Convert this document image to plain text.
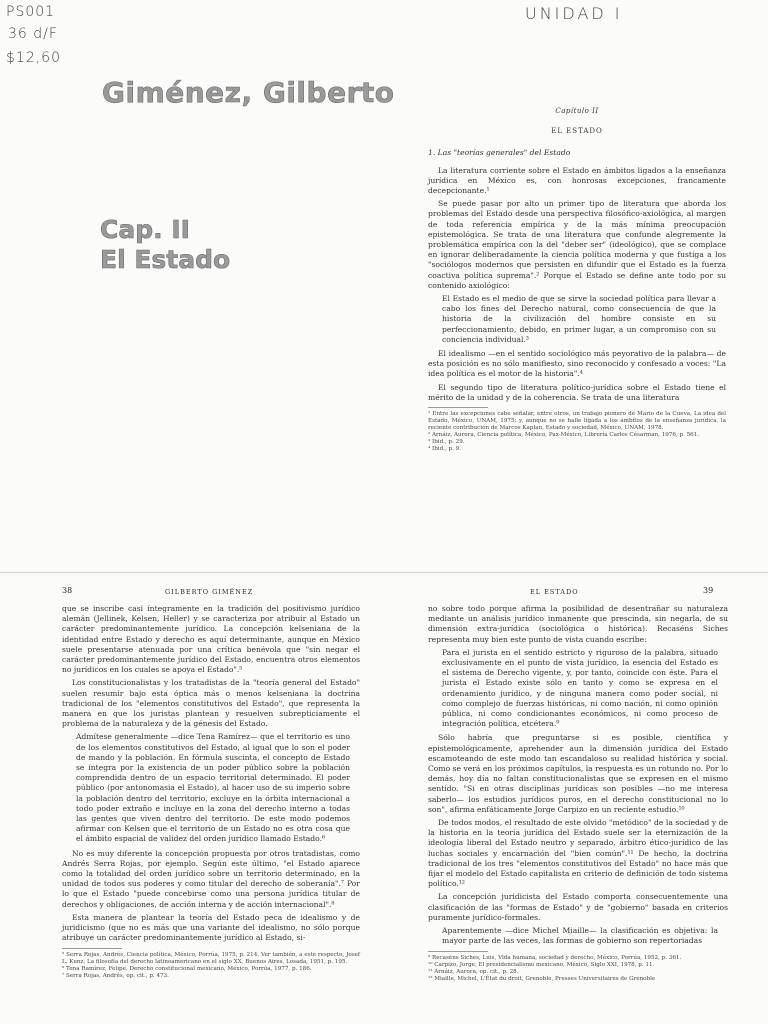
PS001
36 d/F
$12,60
UNIDAD I
Giménez, Gilberto
Cap. II
El Estado
Capítulo II
EL ESTADO

1. Las "teorías generales" del Estado

La literatura corriente sobre el Estado en ámbitos ligados a la enseñanza jurídica en México es, con honrosas excepciones, francamente decepcionante.¹

Se puede pasar por alto un primer tipo de literatura que aborda los problemas del Estado desde una perspectiva filosófico-axiológica, al margen de toda referencia empírica y de la más mínima preocupación epistemológica. Se trata de una literatura que confunde alegremente la problemática empírica con la del "deber ser" (ideológico), que se complace en ignorar deliberadamente la ciencia política moderna y que fustiga a los "sociólogos modernos que persisten en difundir que el Estado es la fuerza coactiva política suprema".² Porque el Estado se define ante todo por su contenido axiológico:

El Estado es el medio de que se sirve la sociedad política para llevar a cabo los fines del Derecho natural, como consecuencia de que la historia de la civilización del hombre consiste en su perfeccionamiento, debido, en primer lugar, a un compromiso con su conciencia individual.³

El idealismo —en el sentido sociológico más peyorativo de la palabra— de esta posición es no sólo manifiesto, sino reconocido y confesado a voces: "La idea política es el motor de la historia".⁴

El segundo tipo de literatura político-jurídica sobre el Estado tiene el mérito de la unidad y de la coherencia. Se trata de una literatura

¹ Entre las excepciones cabe señalar, entre otros, un trabajo pionero de Mario de la Cueva, La idea del Estado, México, UNAM, 1975; y, aunque no se halle ligada a los ámbitos de la enseñanza jurídica, la reciente contribución de Marcos Kaplan, Estado y sociedad, México, UNAM, 1978.

² Arnáiz, Aurora, Ciencia política, México, Pax-México, Librería Carlos Césarman, 1976, p. 561.

³ Ibid., p. 29.

⁴ Ibid., p. 9.

38	GILBERTO GIMÉNEZ

que se inscribe casi íntegramente en la tradición del positivismo jurídico alemán (Jellinek, Kelsen, Heller) y se caracteriza por atribuir al Estado un carácter predominantemente jurídico. La concepción kelseniana de la identidad entre Estado y derecho es aquí determinante, aunque en México suele presentarse atenuada por una crítica benévola que "sin negar el carácter predominantemente jurídico del Estado, encuentra otros elementos no jurídicos en los cuales se apoya el Estado".⁵

Los constitucionalistas y los tratadistas de la "teoría general del Estado" suelen resumir bajo esta óptica más o menos kelseniana la doctrina tradicional de los "elementos constitutivos del Estado", que representa la manera en que los juristas plantean y resuelven subrepticiamente el problema de la naturaleza y de la génesis del Estado.

Admítese generalmente —dice Tena Ramírez— que el territorio es uno de los elementos constitutivos del Estado, al igual que lo son el poder de mando y la población. En fórmula suscinta, el concepto de Estado se integra por la existencia de un poder público sobre la población comprendida dentro de un espacio territorial determinado. El poder público (por antonomasia el Estado), al hacer uso de su imperio sobre la población dentro del territorio, excluye en la órbita internacional a todo poder extraño e incluye en la zona del derecho interno a todas las gentes que viven dentro del territorio. De este modo podemos afirmar con Kelsen que el territorio de un Estado no es otra cosa que el ámbito espacial de validez del orden jurídico llamado Estado.⁶

No es muy diferente la concepción propuesta por otros tratadistas, como Andrés Serra Rojas, por ejemplo. Según este último, "el Estado aparece como la totalidad del orden jurídico sobre un territorio determinado, en la unidad de todos sus poderes y como titular del derecho de soberanía".⁷ Por lo que el Estado "puede concebirse como una persona jurídica titular de derechos y obligaciones, de acción interna y de acción internacional".⁸

Esta manera de plantear la teoría del Estado peca de idealismo y de juridicismo (que no es más que una variante del idealismo, no sólo porque atribuye un carácter predominantemente jurídico al Estado, si-

⁵ Serra Rojas, Andrés, Ciencia política, México, Porrúa, 1975, p. 214. Ver también, a este respecto, Josef L. Kunz, La filosofía del derecho latinoamericano en el siglo XX, Buenos Aires, Losada, 1951, p. 195.

⁶ Tena Ramírez, Felipe, Derecho constitucional mexicano, México, Porrúa, 1977, p. 186.

⁷ Serra Rojas, Andrés, op. cit., p. 473.

EL ESTADO	39

no sobre todo porque afirma la posibilidad de desentrañar su naturaleza mediante un análisis jurídico inmanente que prescinda, sin negarla, de su dimensión extra-jurídica (sociológica o histórica). Recaséns Siches representa muy bien este punto de vista cuando escribe:

Para el jurista en el sentido estricto y riguroso de la palabra, situado exclusivamente en el punto de vista jurídico, la esencia del Estado es el sistema de Derecho vigente, y, por tanto, coincide con éste. Para el jurista el Estado existe sólo en tanto y como se expresa en el ordenamiento jurídico, y de ninguna manera como poder social, ni como complejo de fuerzas históricas, ni como nación, ni como opinión pública, ni como condicionantes económicos, ni como proceso de integración política, etcétera.⁹

Sólo habría que preguntarse si es posible, científica y epistemológicamente, aprehender aun la dimensión jurídica del Estado escamoteando de este modo tan escandaloso su realidad histórica y social. Como se verá en los próximos capítulos, la respuesta es un rotundo no. Por lo demás, hoy día no faltan constitucionalistas que se expresen en el mismo sentido. "Si en otras disciplinas jurídicas son posibles —no me interesa saberlo— los estudios jurídicos puros, en el derecho constitucional no lo son", afirma enfáticamente Jorge Carpizo en un reciente estudio.¹⁰

De todos modos, el resultado de este olvido "metódico" de la sociedad y de la historia en la teoría jurídica del Estado suele ser la eternización de la ideología liberal del Estado neutro y separado, árbitro ético-jurídico de las luchas sociales y encarnación del "bien común".¹¹ De hecho, la doctrina tradicional de los tres "elementos constitutivos del Estado" no hace más que fijar el modelo del Estado capitalista en criterio de definición de todo sistema político.¹²

La concepción juridicista del Estado comporta consecuentemente una clasificación de las "formas de Estado" y de "gobierno" basada en criterios puramente jurídico-formales.

Aparentemente —dice Michel Miaille— la clasificación es objetiva: la mayor parte de las veces, las formas de gobierno son repertoriadas

⁹ Recaséns Siches, Luis, Vida humana, sociedad y derecho, México, Porrúa, 1952, p. 361.

¹⁰ Carpizo, Jorge, El presidencialismo mexicano, México, Siglo XXI, 1978, p. 11.

¹¹ Arnáiz, Aurora, op. cit., p. 28.

¹² Miaille, Michel, L'État du droit, Grenoble, Presses Universitaires de Grenoble
